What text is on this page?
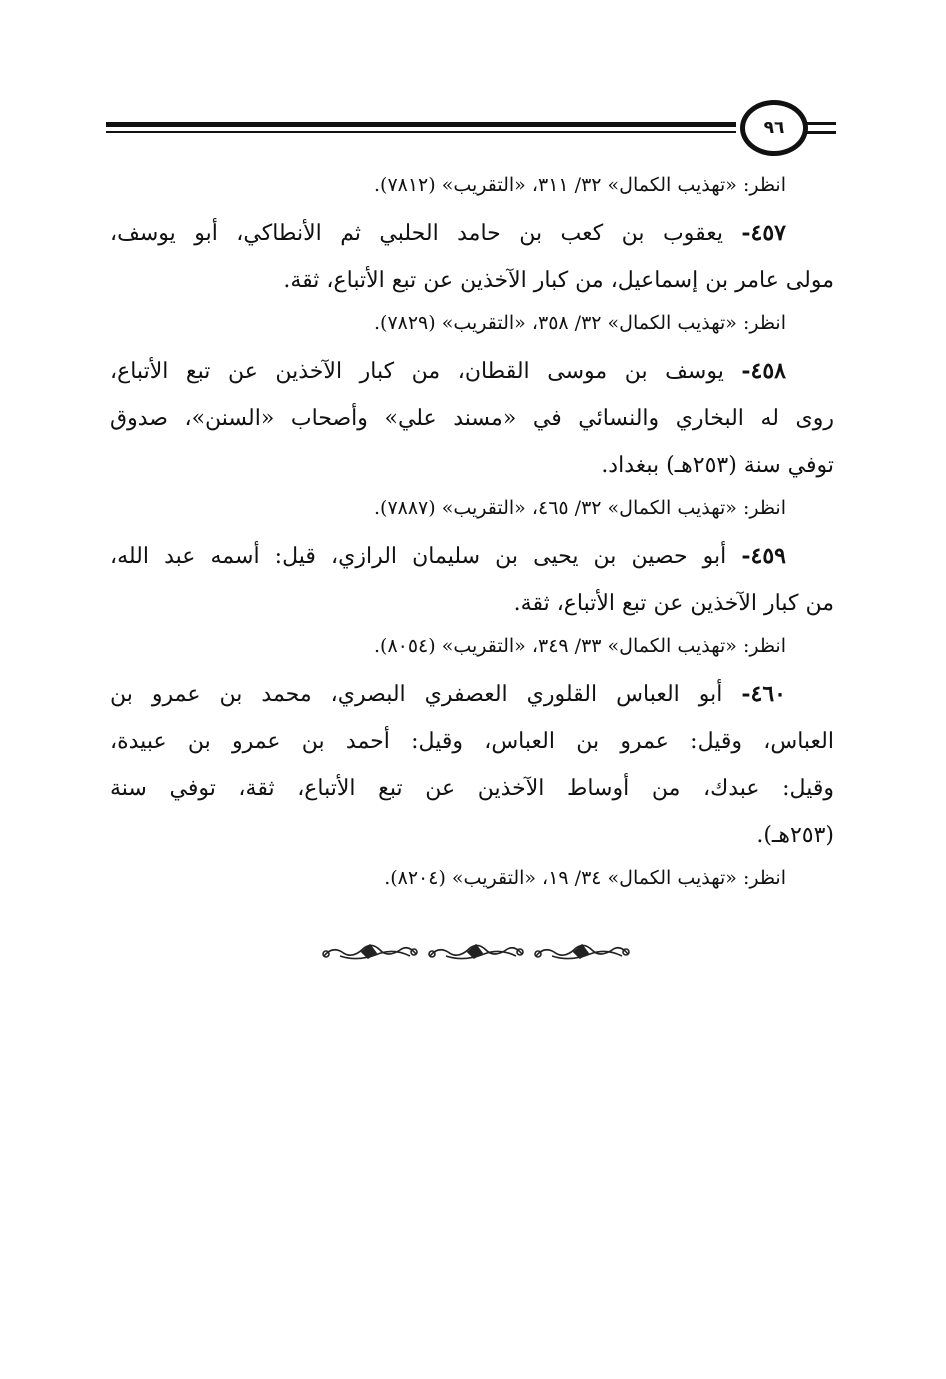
٩٦

انظر: «تهذيب الكمال» ٣٢/ ٣١١، «التقريب» (٧٨١٢).

٤٥٧- يعقوب بن كعب بن حامد الحلبي ثم الأنطاكي، أبو يوسف،

مولى عامر بن إسماعيل، من كبار الآخذين عن تبع الأتباع، ثقة.

انظر: «تهذيب الكمال» ٣٢/ ٣٥٨، «التقريب» (٧٨٢٩).

٤٥٨- يوسف بن موسى القطان، من كبار الآخذين عن تبع الأتباع،

روى له البخاري والنسائي في «مسند علي» وأصحاب «السنن»، صدوق

توفي سنة (٢٥٣هـ) ببغداد.

انظر: «تهذيب الكمال» ٣٢/ ٤٦٥، «التقريب» (٧٨٨٧).

٤٥٩- أبو حصين بن يحيى بن سليمان الرازي، قيل: أسمه عبد الله،

من كبار الآخذين عن تبع الأتباع، ثقة.

انظر: «تهذيب الكمال» ٣٣/ ٣٤٩، «التقريب» (٨٠٥٤).

٤٦٠- أبو العباس القلوري العصفري البصري، محمد بن عمرو بن

العباس، وقيل: عمرو بن العباس، وقيل: أحمد بن عمرو بن عبيدة،

وقيل: عبدك، من أوساط الآخذين عن تبع الأتباع، ثقة، توفي سنة

(٢٥٣هـ).

انظر: «تهذيب الكمال» ٣٤/ ١٩، «التقريب» (٨٢٠٤).
